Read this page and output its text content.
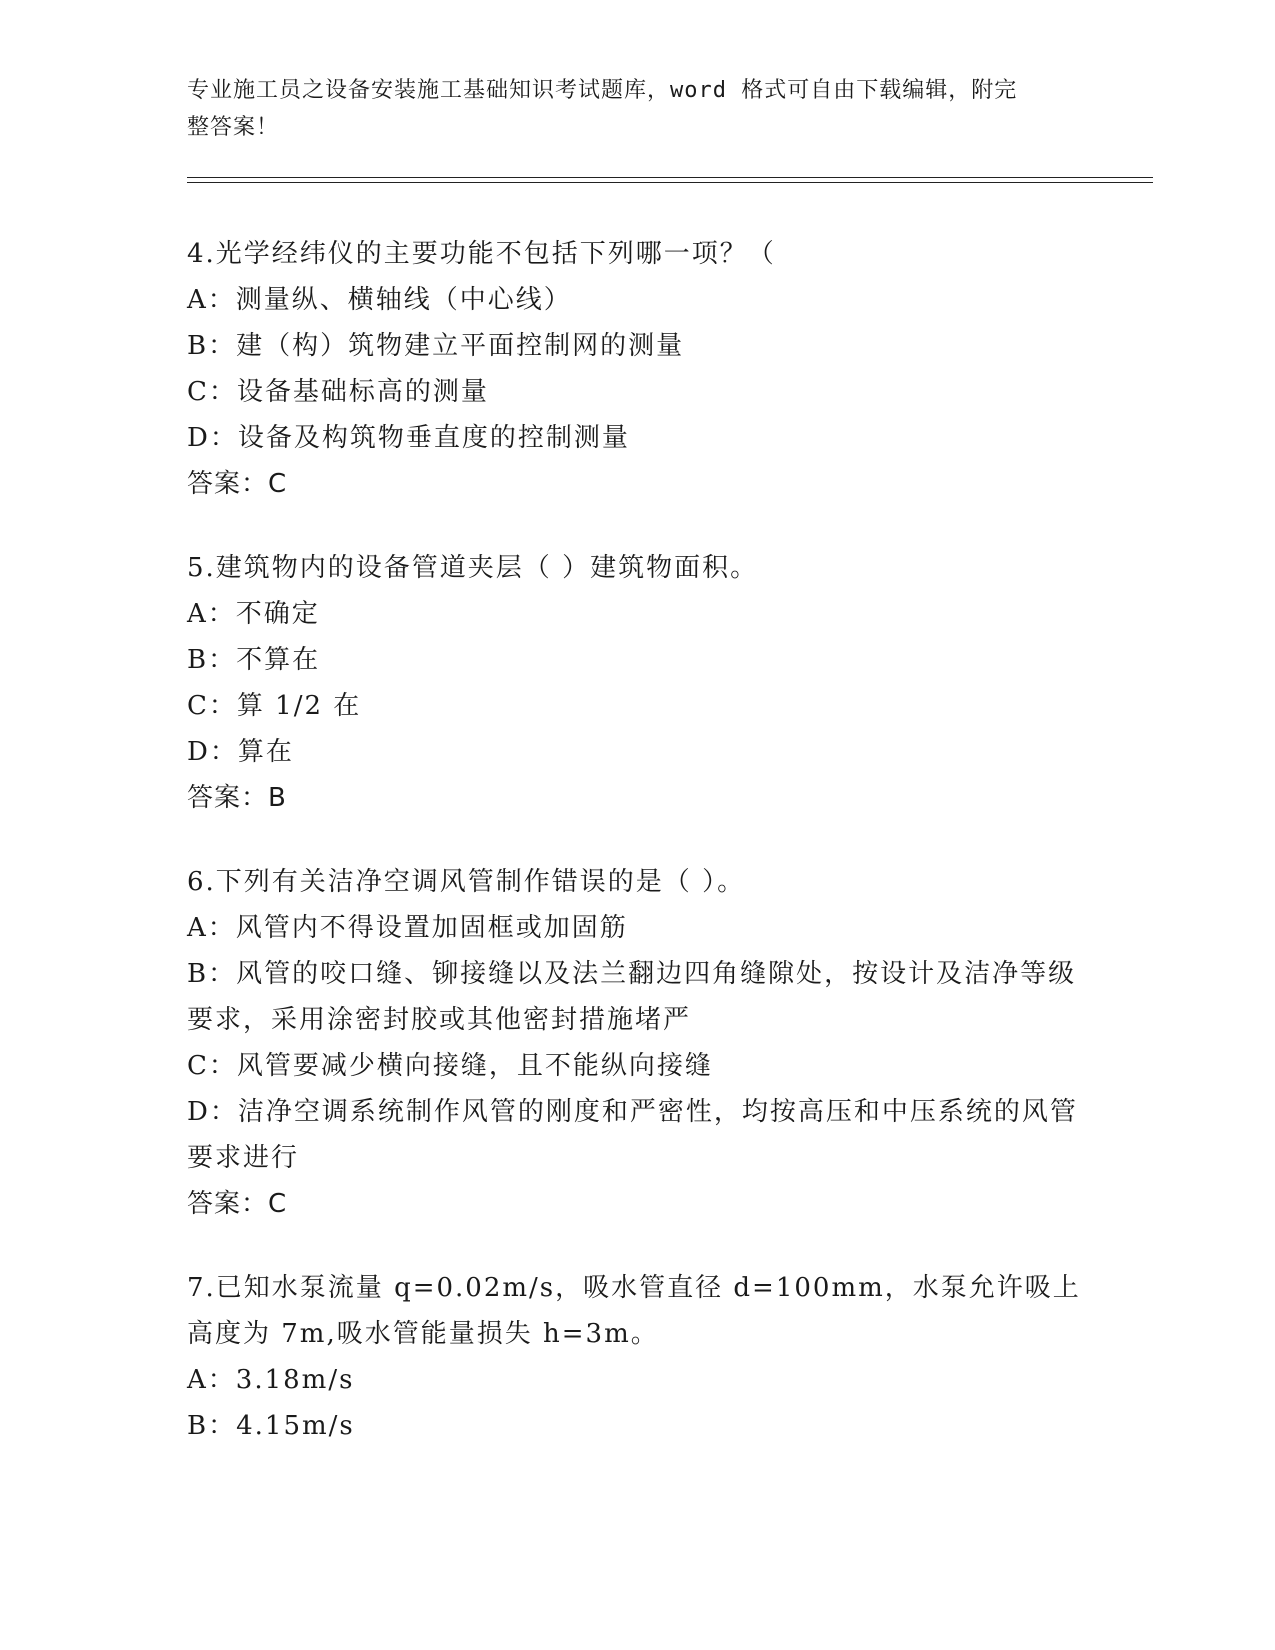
专业施工员之设备安装施工基础知识考试题库，word 格式可自由下载编辑，附完
整答案！
4.光学经纬仪的主要功能不包括下列哪一项？（
A：测量纵、横轴线（中心线）
B：建（构）筑物建立平面控制网的测量
C：设备基础标高的测量
D：设备及构筑物垂直度的控制测量
答案：C
5.建筑物内的设备管道夹层（ ）建筑物面积。
A：不确定
B：不算在
C：算 1/2 在
D：算在
答案：B
6.下列有关洁净空调风管制作错误的是（ ）。
A：风管内不得设置加固框或加固筋
B：风管的咬口缝、铆接缝以及法兰翻边四角缝隙处，按设计及洁净等级要求，采用涂密封胶或其他密封措施堵严
C：风管要减少横向接缝，且不能纵向接缝
D：洁净空调系统制作风管的刚度和严密性，均按高压和中压系统的风管要求进行
答案：C
7.已知水泵流量 q=0.02m/s，吸水管直径 d=100mm，水泵允许吸上高度为 7m,吸水管能量损失 h=3m。
A：3.18m/s
B：4.15m/s
